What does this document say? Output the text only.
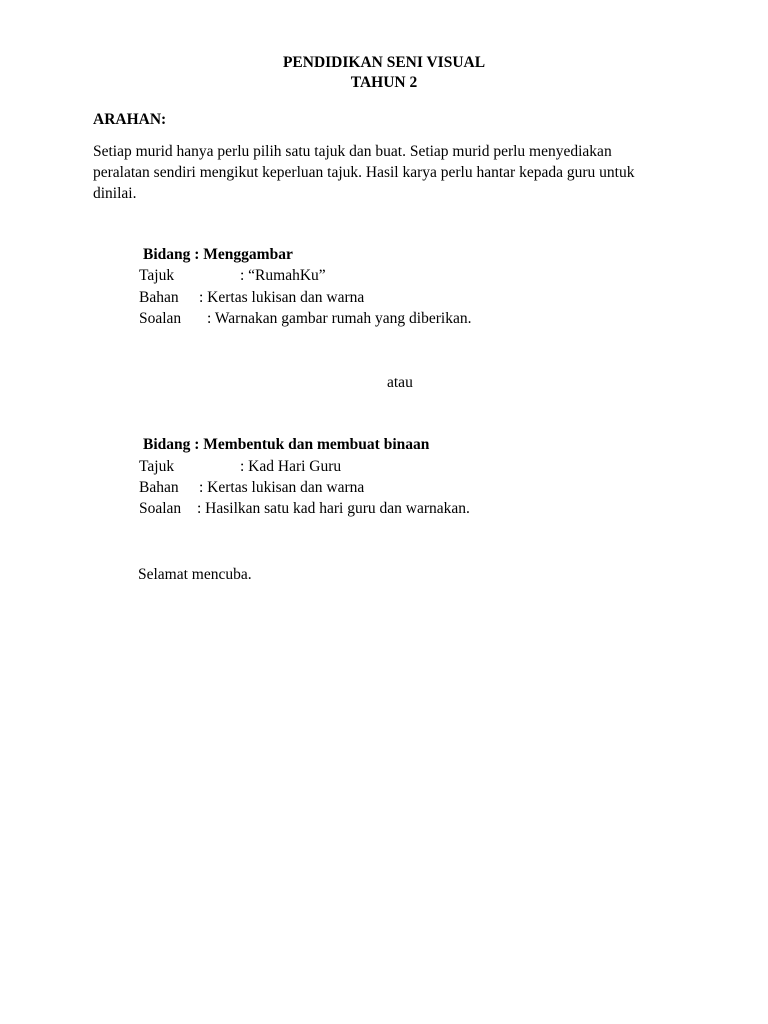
PENDIDIKAN SENI VISUAL
TAHUN 2
ARAHAN:
Setiap murid hanya perlu pilih satu tajuk dan buat. Setiap murid perlu menyediakan peralatan sendiri mengikut keperluan tajuk. Hasil karya perlu hantar kepada guru untuk dinilai.
Bidang : Menggambar
Tajuk	: “RumahKu”
Bahan : Kertas lukisan dan warna
Soalan : Warnakan gambar rumah yang diberikan.
atau
Bidang : Membentuk dan membuat binaan
Tajuk	: Kad Hari Guru
Bahan : Kertas lukisan dan warna
Soalan : Hasilkan satu kad hari guru dan warnakan.
Selamat mencuba.
